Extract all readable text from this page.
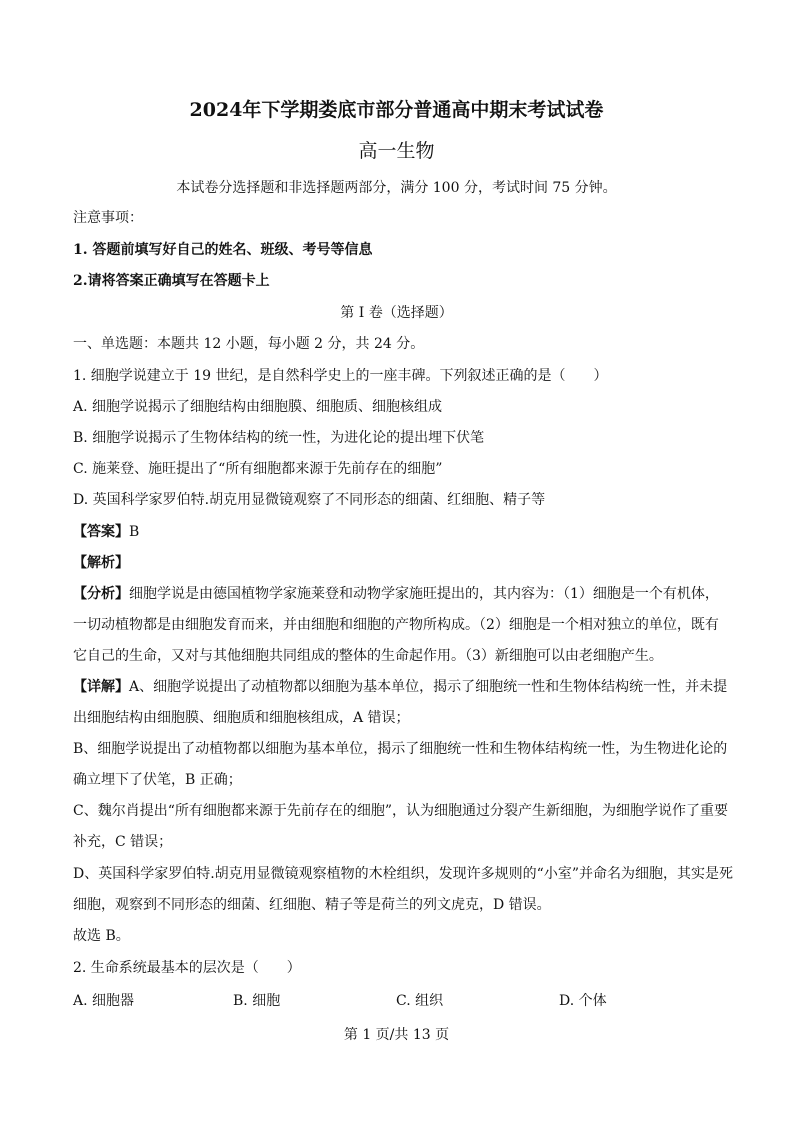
2024年下学期娄底市部分普通高中期末考试试卷
高一生物
本试卷分选择题和非选择题两部分，满分 100 分，考试时间 75 分钟。
注意事项：
1. 答题前填写好自己的姓名、班级、考号等信息
2.请将答案正确填写在答题卡上
第 I 卷（选择题）
一、单选题：本题共 12 小题，每小题 2 分，共 24 分。
1. 细胞学说建立于 19 世纪，是自然科学史上的一座丰碑。下列叙述正确的是（　　）
A. 细胞学说揭示了细胞结构由细胞膜、细胞质、细胞核组成
B. 细胞学说揭示了生物体结构的统一性，为进化论的提出埋下伏笔
C. 施莱登、施旺提出了“所有细胞都来源于先前存在的细胞”
D. 英国科学家罗伯特.胡克用显微镜观察了不同形态的细菌、红细胞、精子等
【答案】B
【解析】
【分析】细胞学说是由德国植物学家施莱登和动物学家施旺提出的，其内容为：（1）细胞是一个有机体，
一切动植物都是由细胞发育而来，并由细胞和细胞的产物所构成。（2）细胞是一个相对独立的单位，既有
它自己的生命，又对与其他细胞共同组成的整体的生命起作用。（3）新细胞可以由老细胞产生。
【详解】A、细胞学说提出了动植物都以细胞为基本单位，揭示了细胞统一性和生物体结构统一性，并未提
出细胞结构由细胞膜、细胞质和细胞核组成，A 错误；
B、细胞学说提出了动植物都以细胞为基本单位，揭示了细胞统一性和生物体结构统一性，为生物进化论的
确立埋下了伏笔，B 正确；
C、魏尔肖提出“所有细胞都来源于先前存在的细胞”，认为细胞通过分裂产生新细胞，为细胞学说作了重要
补充，C 错误；
D、英国科学家罗伯特.胡克用显微镜观察植物的木栓组织，发现许多规则的“小室”并命名为细胞，其实是死
细胞，观察到不同形态的细菌、红细胞、精子等是荷兰的列文虎克，D 错误。
故选 B。
2. 生命系统最基本的层次是（　　）
A. 细胞器	B. 细胞	C. 组织	D. 个体
第 1 页/共 13 页
